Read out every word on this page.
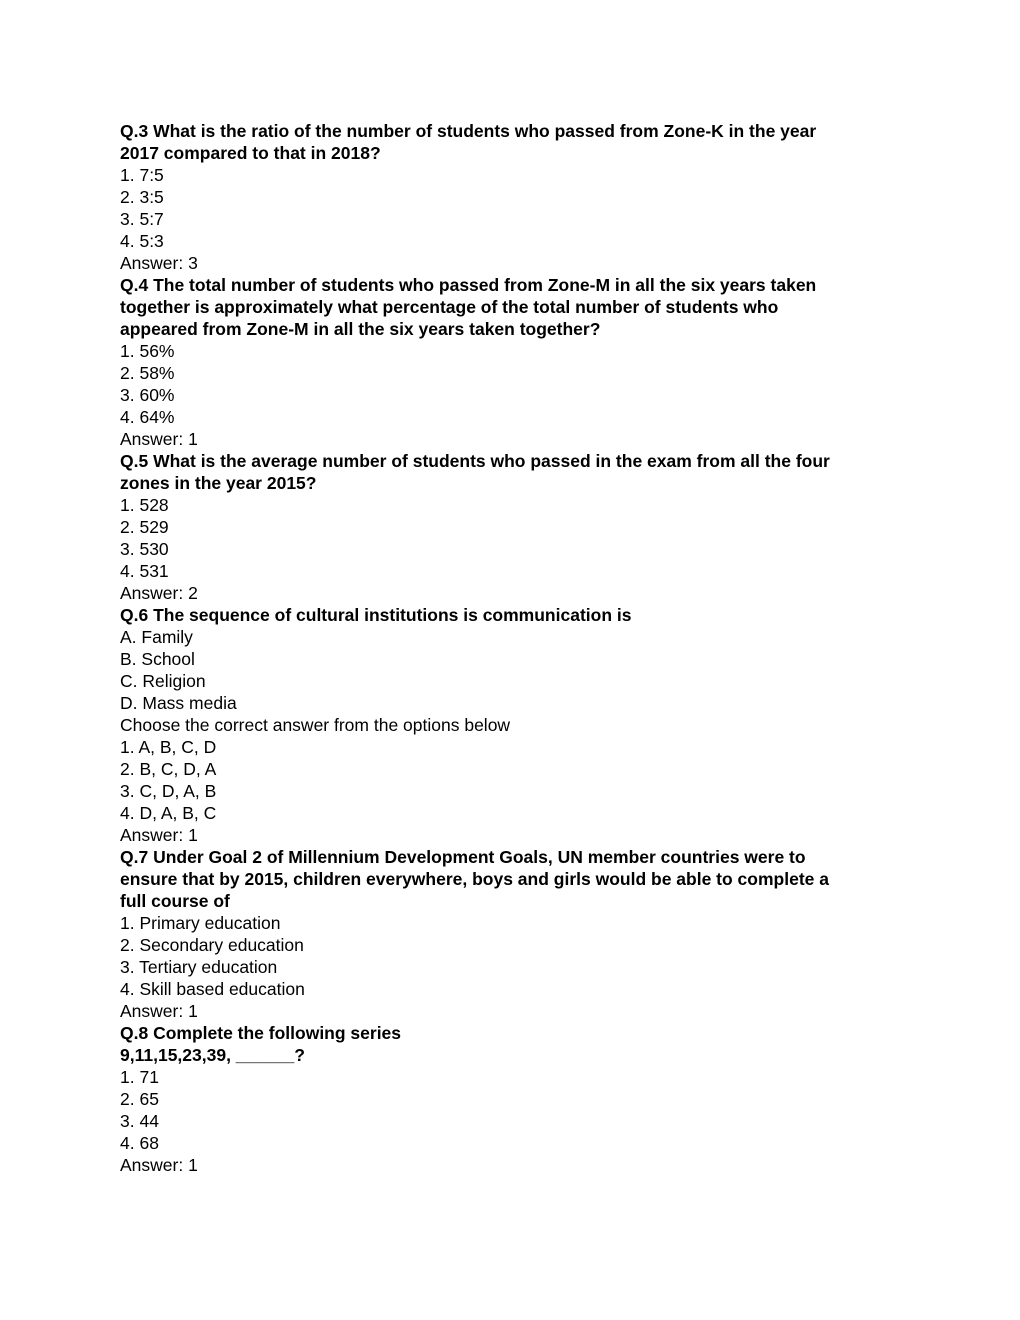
Q.3 What is the ratio of the number of students who passed from Zone-K in the year
2017 compared to that in 2018?
1. 7:5
2. 3:5
3. 5:7
4. 5:3
Answer: 3
Q.4 The total number of students who passed from Zone-M in all the six years taken
together is approximately what percentage of the total number of students who
appeared from Zone-M in all the six years taken together?
1. 56%
2. 58%
3. 60%
4. 64%
Answer: 1
Q.5 What is the average number of students who passed in the exam from all the four
zones in the year 2015?
1. 528
2. 529
3. 530
4. 531
Answer: 2
Q.6 The sequence of cultural institutions is communication is
A. Family
B. School
C. Religion
D. Mass media
Choose the correct answer from the options below
1. A, B, C, D
2. B, C, D, A
3. C, D, A, B
4. D, A, B, C
Answer: 1
Q.7 Under Goal 2 of Millennium Development Goals, UN member countries were to
ensure that by 2015, children everywhere, boys and girls would be able to complete a
full course of
1. Primary education
2. Secondary education
3. Tertiary education
4. Skill based education
Answer: 1
Q.8 Complete the following series
9,11,15,23,39, ______?
1. 71
2. 65
3. 44
4. 68
Answer: 1
